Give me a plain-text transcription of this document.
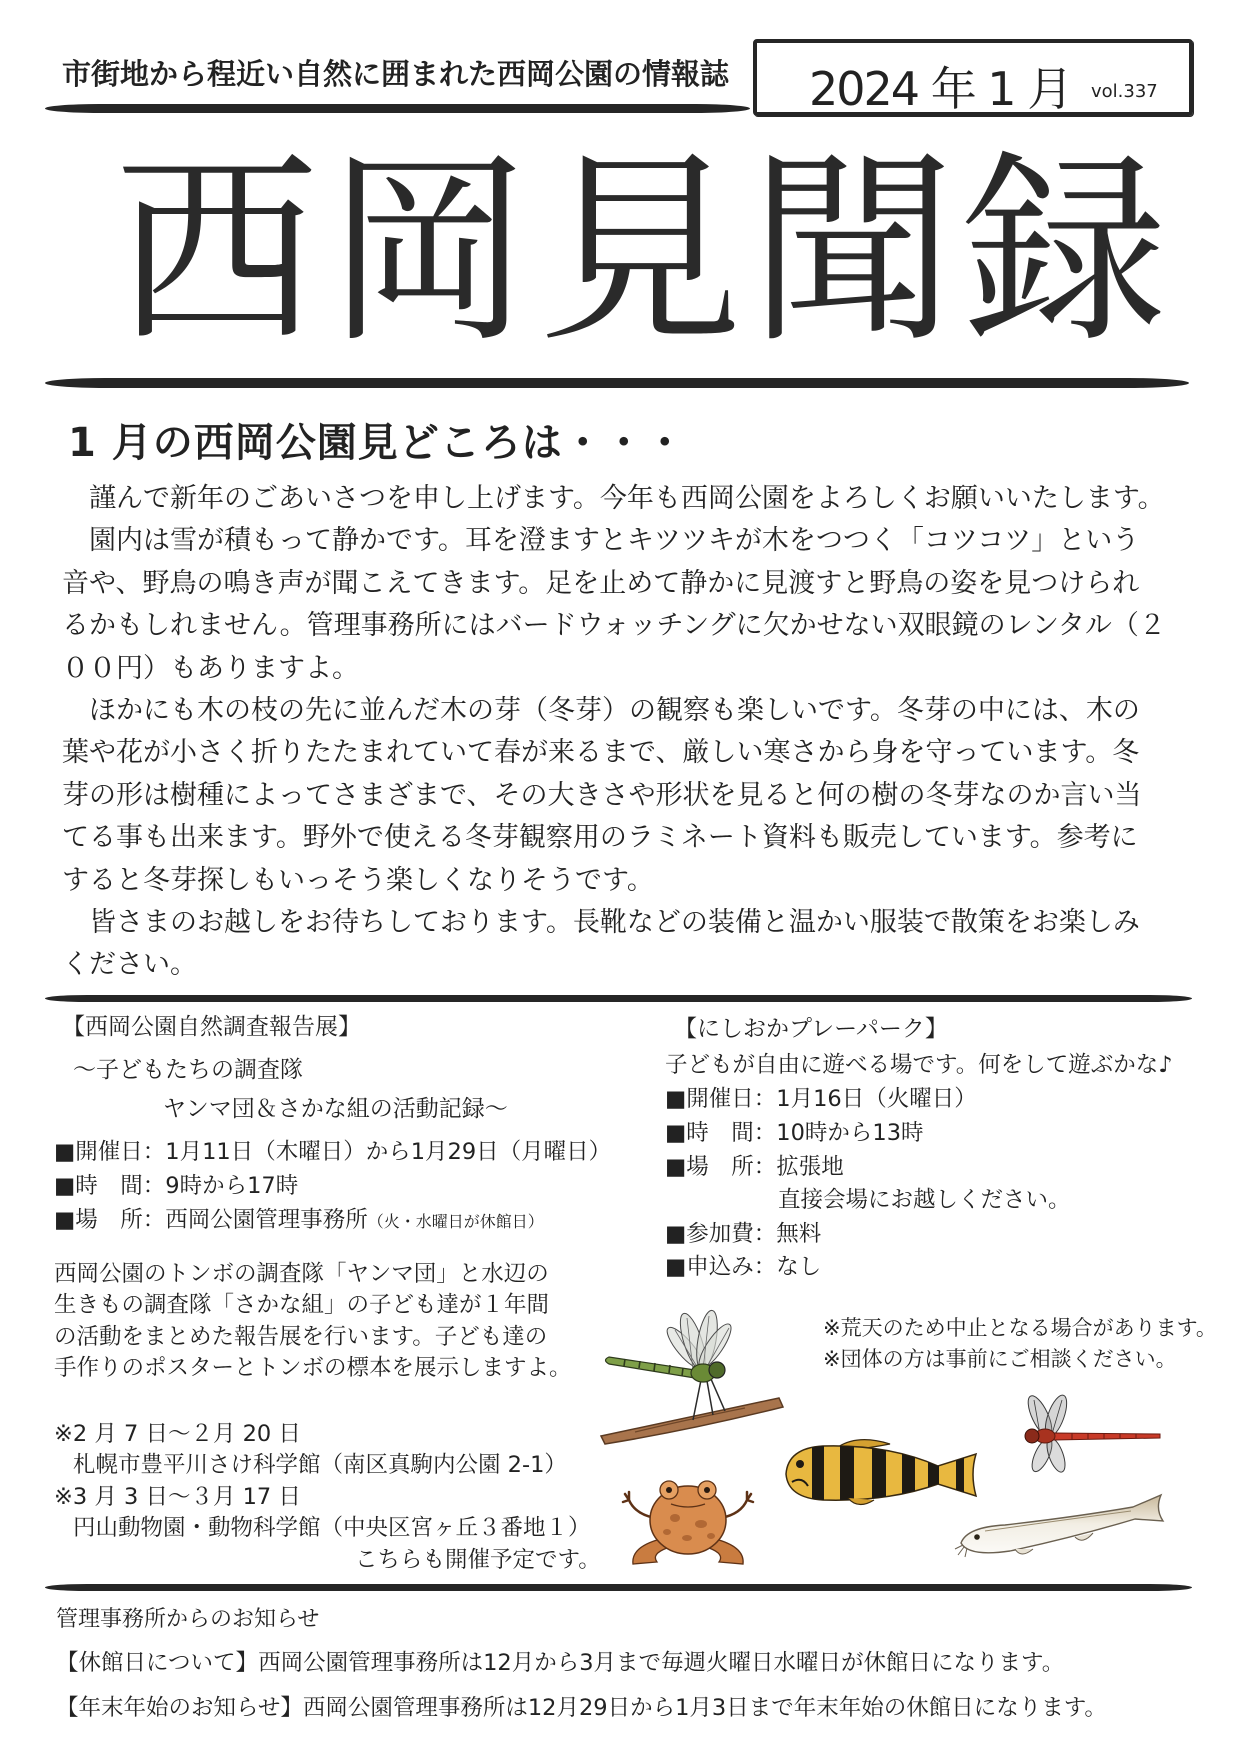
市街地から程近い自然に囲まれた西岡公園の情報誌 2024 年 1 月 vol.337
西岡見聞録
1 月の西岡公園見どころは・・・
謹んで新年のごあいさつを申し上げます。今年も西岡公園をよろしくお願いいたします。
園内は雪が積もって静かです。耳を澄ますとキツツキが木をつつく「コツコツ」という
音や、野鳥の鳴き声が聞こえてきます。足を止めて静かに見渡すと野鳥の姿を見つけられ
るかもしれません。管理事務所にはバードウォッチングに欠かせない双眼鏡のレンタル（２
００円）もありますよ。
ほかにも木の枝の先に並んだ木の芽（冬芽）の観察も楽しいです。冬芽の中には、木の
葉や花が小さく折りたたまれていて春が来るまで、厳しい寒さから身を守っています。冬
芽の形は樹種によってさまざまで、その大きさや形状を見ると何の樹の冬芽なのか言い当
てる事も出来ます。野外で使える冬芽観察用のラミネート資料も販売しています。参考に
すると冬芽探しもいっそう楽しくなりそうです。
皆さまのお越しをお待ちしております。長靴などの装備と温かい服装で散策をお楽しみ
ください。
【西岡公園自然調査報告展】
～子どもたちの調査隊
ヤンマ団＆さかな組の活動記録～
■開催日：1月11日（木曜日）から1月29日（月曜日）
■時　間：9時から17時
■場　所：西岡公園管理事務所（火・水曜日が休館日）
西岡公園のトンボの調査隊「ヤンマ団」と水辺の
生きもの調査隊「さかな組」の子ども達が１年間
の活動をまとめた報告展を行います。子ども達の
手作りのポスターとトンボの標本を展示しますよ。
※2 月 7 日～２月 20 日
札幌市豊平川さけ科学館（南区真駒内公園 2-1）
※3 月 3 日～３月 17 日
円山動物園・動物科学館（中央区宮ヶ丘３番地１）
こちらも開催予定です。
【にしおかプレーパーク】
子どもが自由に遊べる場です。何をして遊ぶかな♪
■開催日：1月16日（火曜日）
■時　間：10時から13時
■場　所：拡張地
直接会場にお越しください。
■参加費：無料
■申込み：なし
※荒天のため中止となる場合があります。
※団体の方は事前にご相談ください。
管理事務所からのお知らせ
【休館日について】西岡公園管理事務所は12月から3月まで毎週火曜日水曜日が休館日になります。
【年末年始のお知らせ】西岡公園管理事務所は12月29日から1月3日まで年末年始の休館日になります。
